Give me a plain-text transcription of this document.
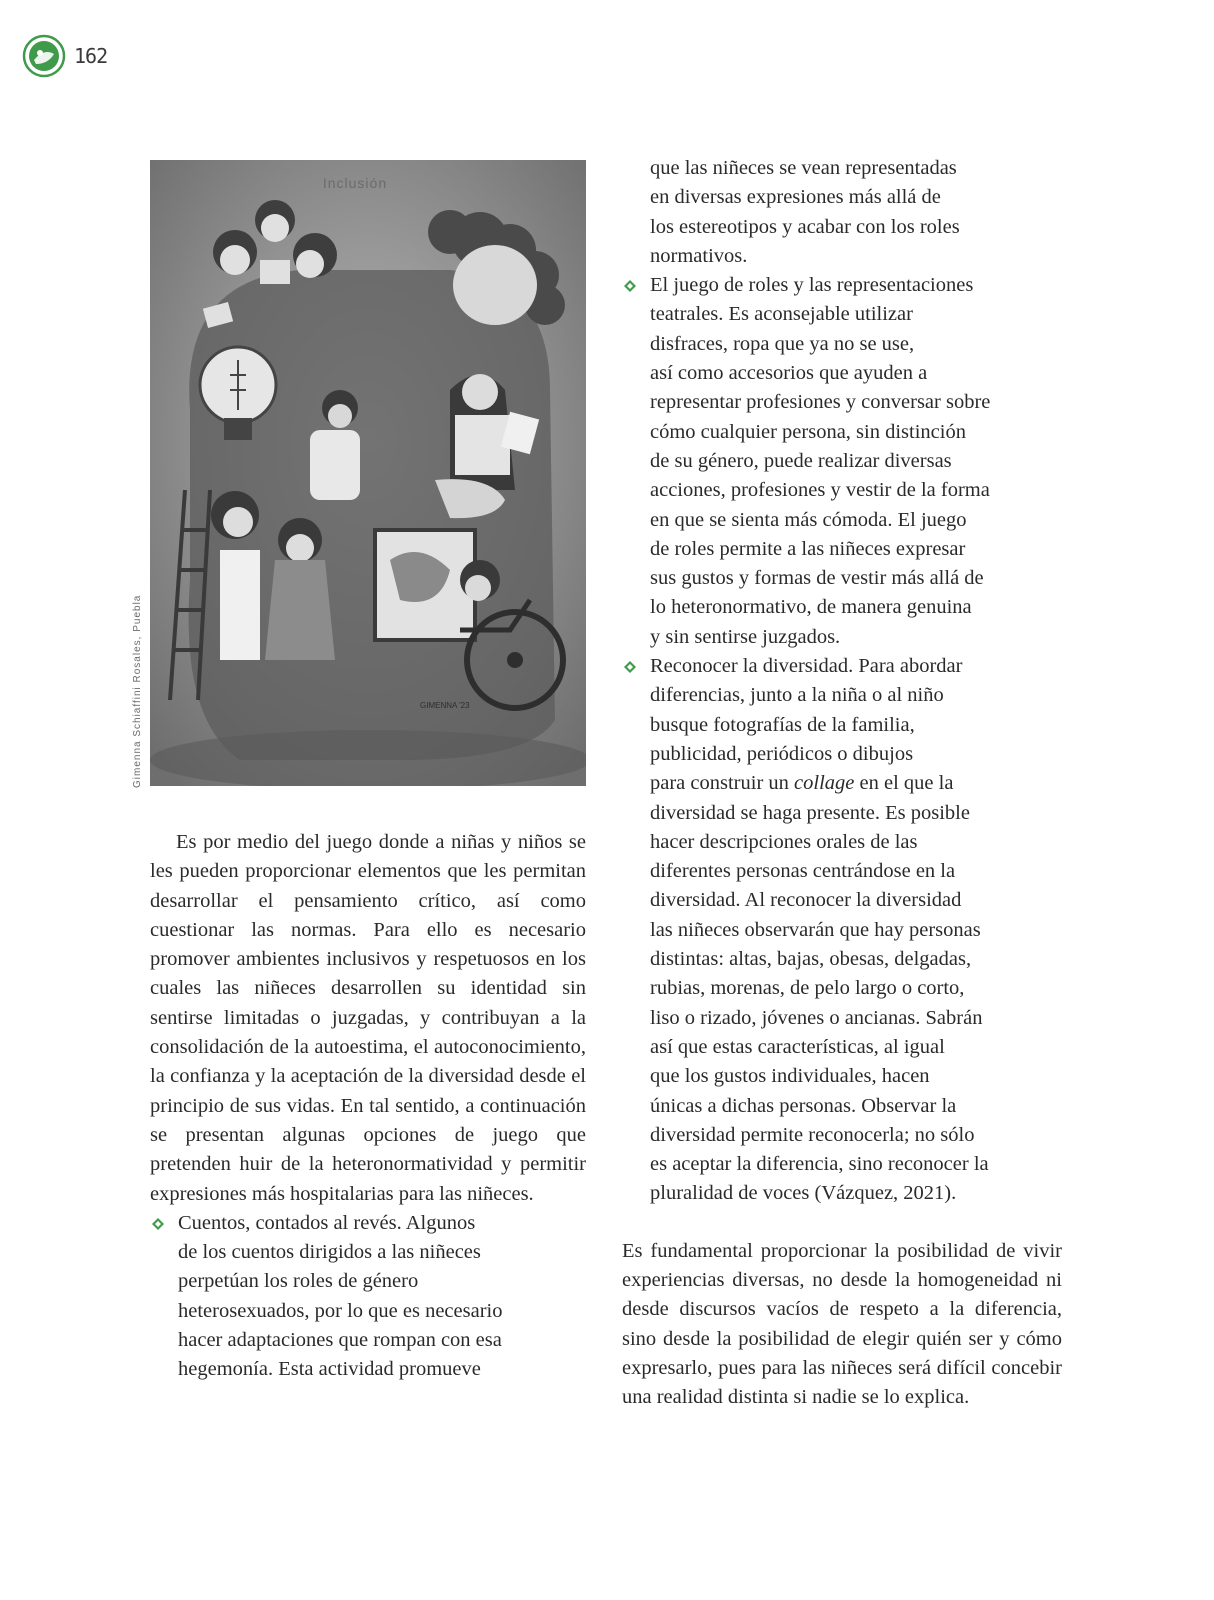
162
Inclusión
GIMENNA '23
Gimenna Schiaffini Rosales, Puebla

Es por medio del juego donde a niñas y niños se les pueden proporcionar elementos que les permitan desarrollar el pensamiento crítico, así como cuestionar las normas. Para ello es necesario promover ambientes inclusivos y respetuosos en los cuales las niñeces desarrollen su identidad sin sentirse limitadas o juzgadas, y contribuyan a la consolidación de la autoestima, el autoconocimiento, la confianza y la aceptación de la diversidad desde el principio de sus vidas. En tal sentido, a continuación se presentan algunas opciones de juego que pretenden huir de la heteronormatividad y permitir expresiones más hospitalarias para las niñeces.

Cuentos, contados al revés. Algunos
de los cuentos dirigidos a las niñeces
perpetúan los roles de género
heterosexuados, por lo que es necesario
hacer adaptaciones que rompan con esa
hegemonía. Esta actividad promueve
que las niñeces se vean representadas
en diversas expresiones más allá de
los estereotipos y acabar con los roles
normativos.
El juego de roles y las representaciones
teatrales. Es aconsejable utilizar
disfraces, ropa que ya no se use,
así como accesorios que ayuden a
representar profesiones y conversar sobre
cómo cualquier persona, sin distinción
de su género, puede realizar diversas
acciones, profesiones y vestir de la forma
en que se sienta más cómoda. El juego
de roles permite a las niñeces expresar
sus gustos y formas de vestir más allá de
lo heteronormativo, de manera genuina
y sin sentirse juzgados.
Reconocer la diversidad. Para abordar
diferencias, junto a la niña o al niño
busque fotografías de la familia,
publicidad, periódicos o dibujos
para construir un collage en el que la
diversidad se haga presente. Es posible
hacer descripciones orales de las
diferentes personas centrándose en la
diversidad. Al reconocer la diversidad
las niñeces observarán que hay personas
distintas: altas, bajas, obesas, delgadas,
rubias, morenas, de pelo largo o corto,
liso o rizado, jóvenes o ancianas. Sabrán
así que estas características, al igual
que los gustos individuales, hacen
únicas a dichas personas. Observar la
diversidad permite reconocerla; no sólo
es aceptar la diferencia, sino reconocer la
pluralidad de voces (Vázquez, 2021).

Es fundamental proporcionar la posibilidad de vivir experiencias diversas, no desde la homogeneidad ni desde discursos vacíos de respeto a la diferencia, sino desde la posibilidad de elegir quién ser y cómo expresarlo, pues para las niñeces será difícil concebir una realidad distinta si nadie se lo explica.
